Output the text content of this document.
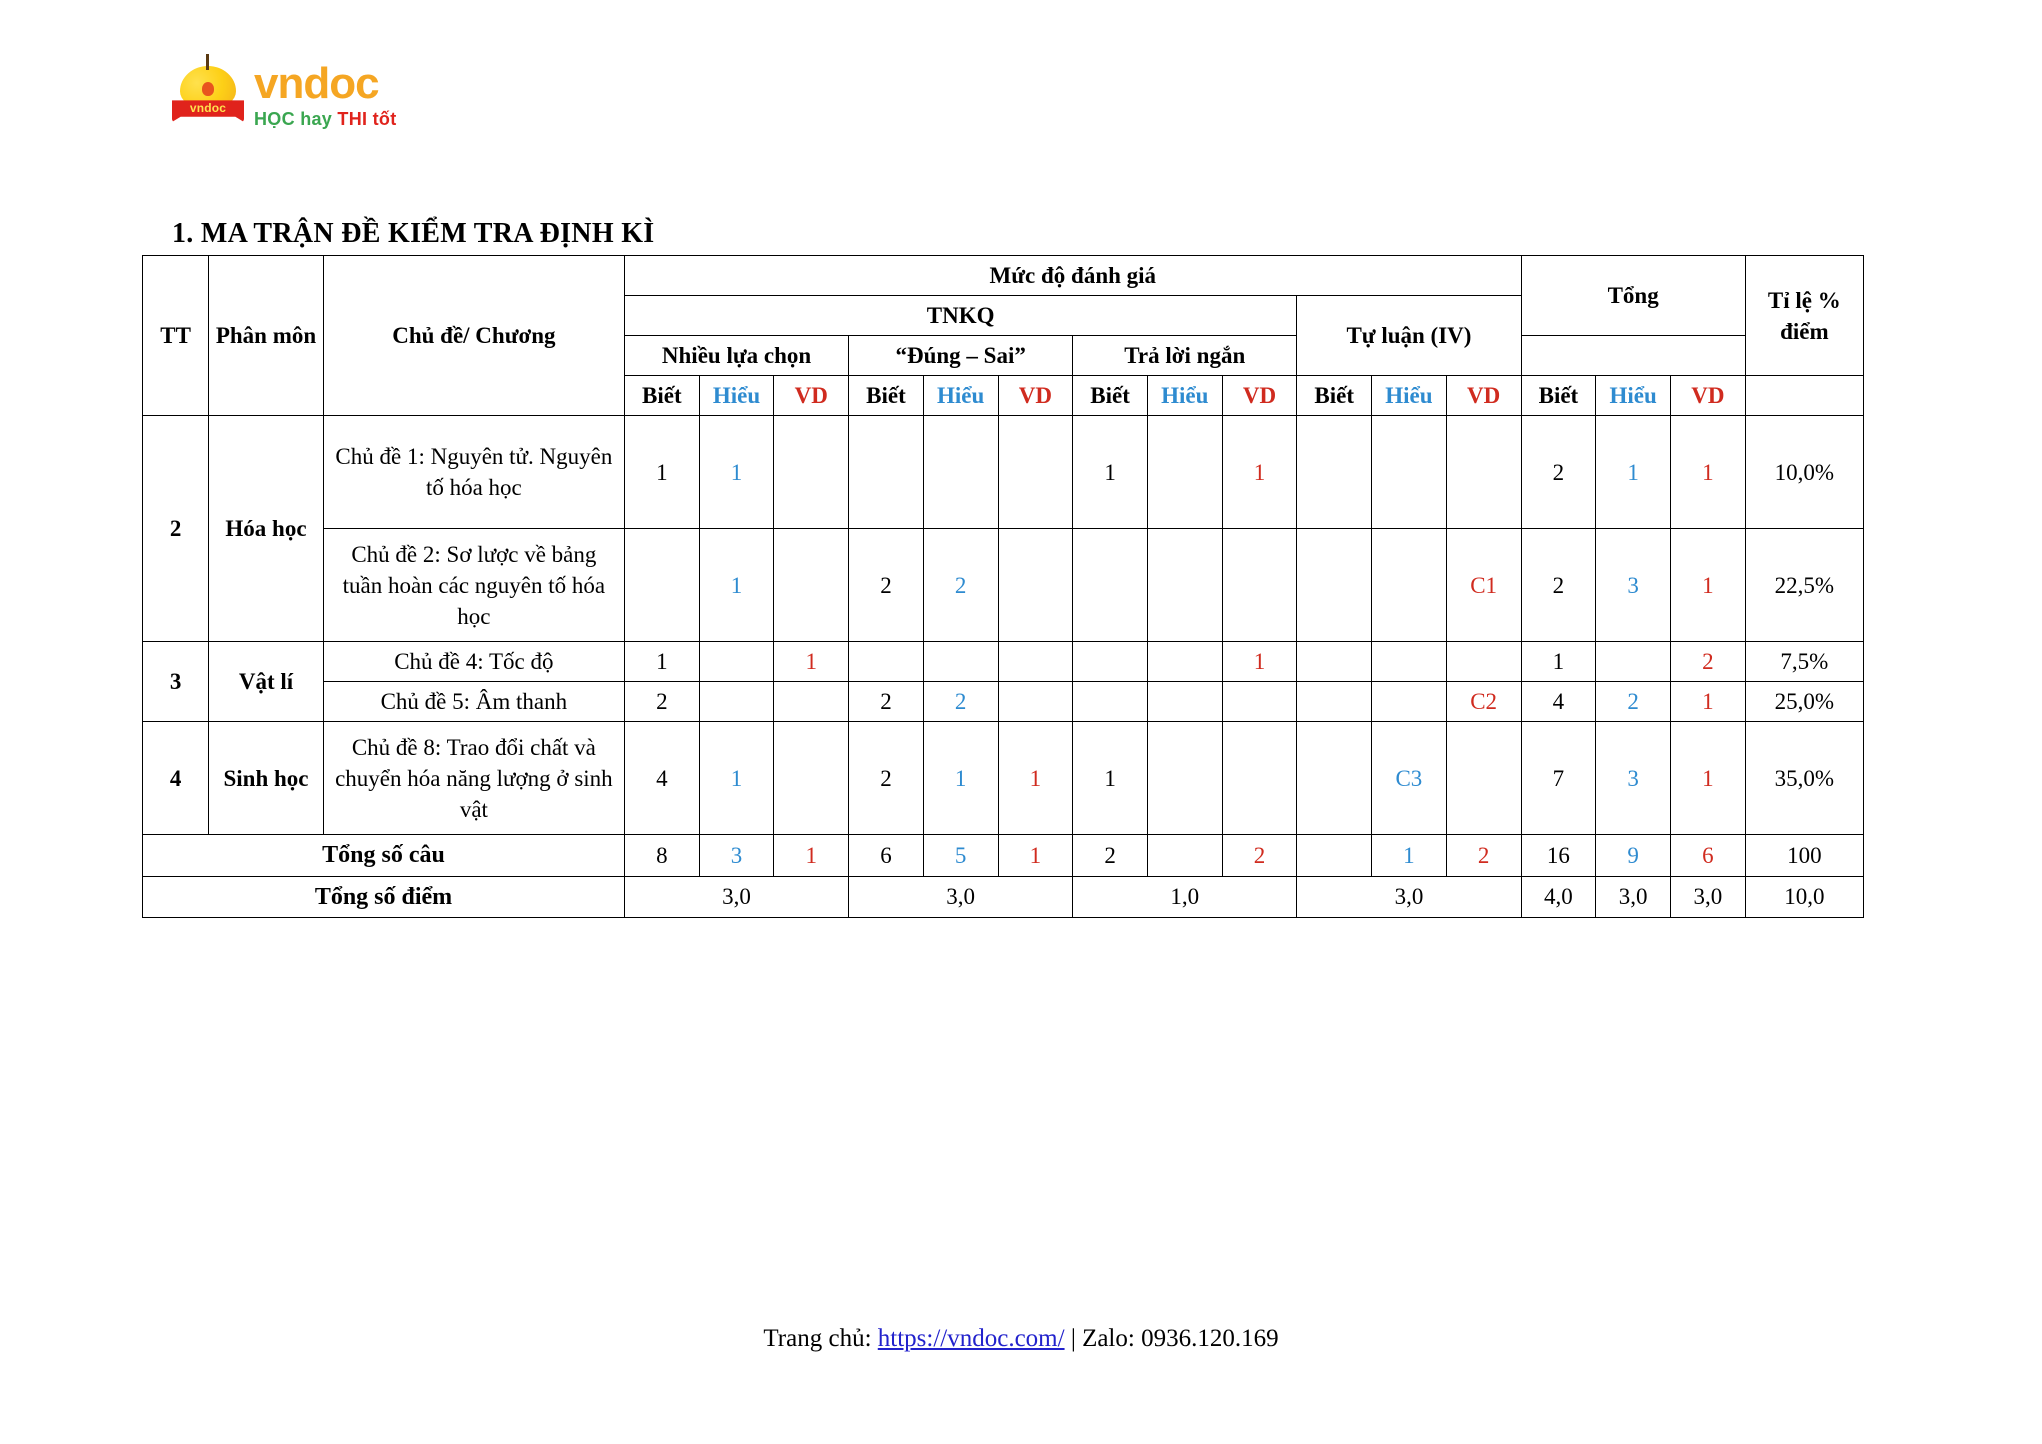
vndoc vndoc
HỌC hay THI tốt
1. MA TRẬN ĐỀ KIỂM TRA ĐỊNH KÌ
TT	Phân môn	Chủ đề/ Chương	Mức độ đánh giá												Tổng			Tỉ lệ % điểm
			TNKQ									Tự luận (IV)						
			Nhiều lựa chọn			“Đúng – Sai”			Trả lời ngắn									
			Biết	Hiểu	VD	Biết	Hiểu	VD	Biết	Hiểu	VD	Biết	Hiểu	VD	Biết	Hiểu	VD	
2	Hóa học	Chủ đề 1: Nguyên tử. Nguyên tố hóa học	1	1					1		1				2	1	1	10,0%
		Chủ đề 2: Sơ lược về bảng tuần hoàn các nguyên tố hóa học		1		2	2							C1	2	3	1	22,5%
3	Vật lí	Chủ đề 4: Tốc độ	1		1						1				1		2	7,5%
		Chủ đề 5: Âm thanh	2			2	2							C2	4	2	1	25,0%
4	Sinh học	Chủ đề 8: Trao đổi chất và chuyển hóa năng lượng ở sinh vật	4	1		2	1	1	1				C3		7	3	1	35,0%
Tổng số câu			8	3	1	6	5	1	2		2		1	2	16	9	6	100
Tổng số điểm			3,0			3,0			1,0			3,0			4,0	3,0	3,0	10,0
Trang chủ: https://vndoc.com/ | Zalo: 0936.120.169
